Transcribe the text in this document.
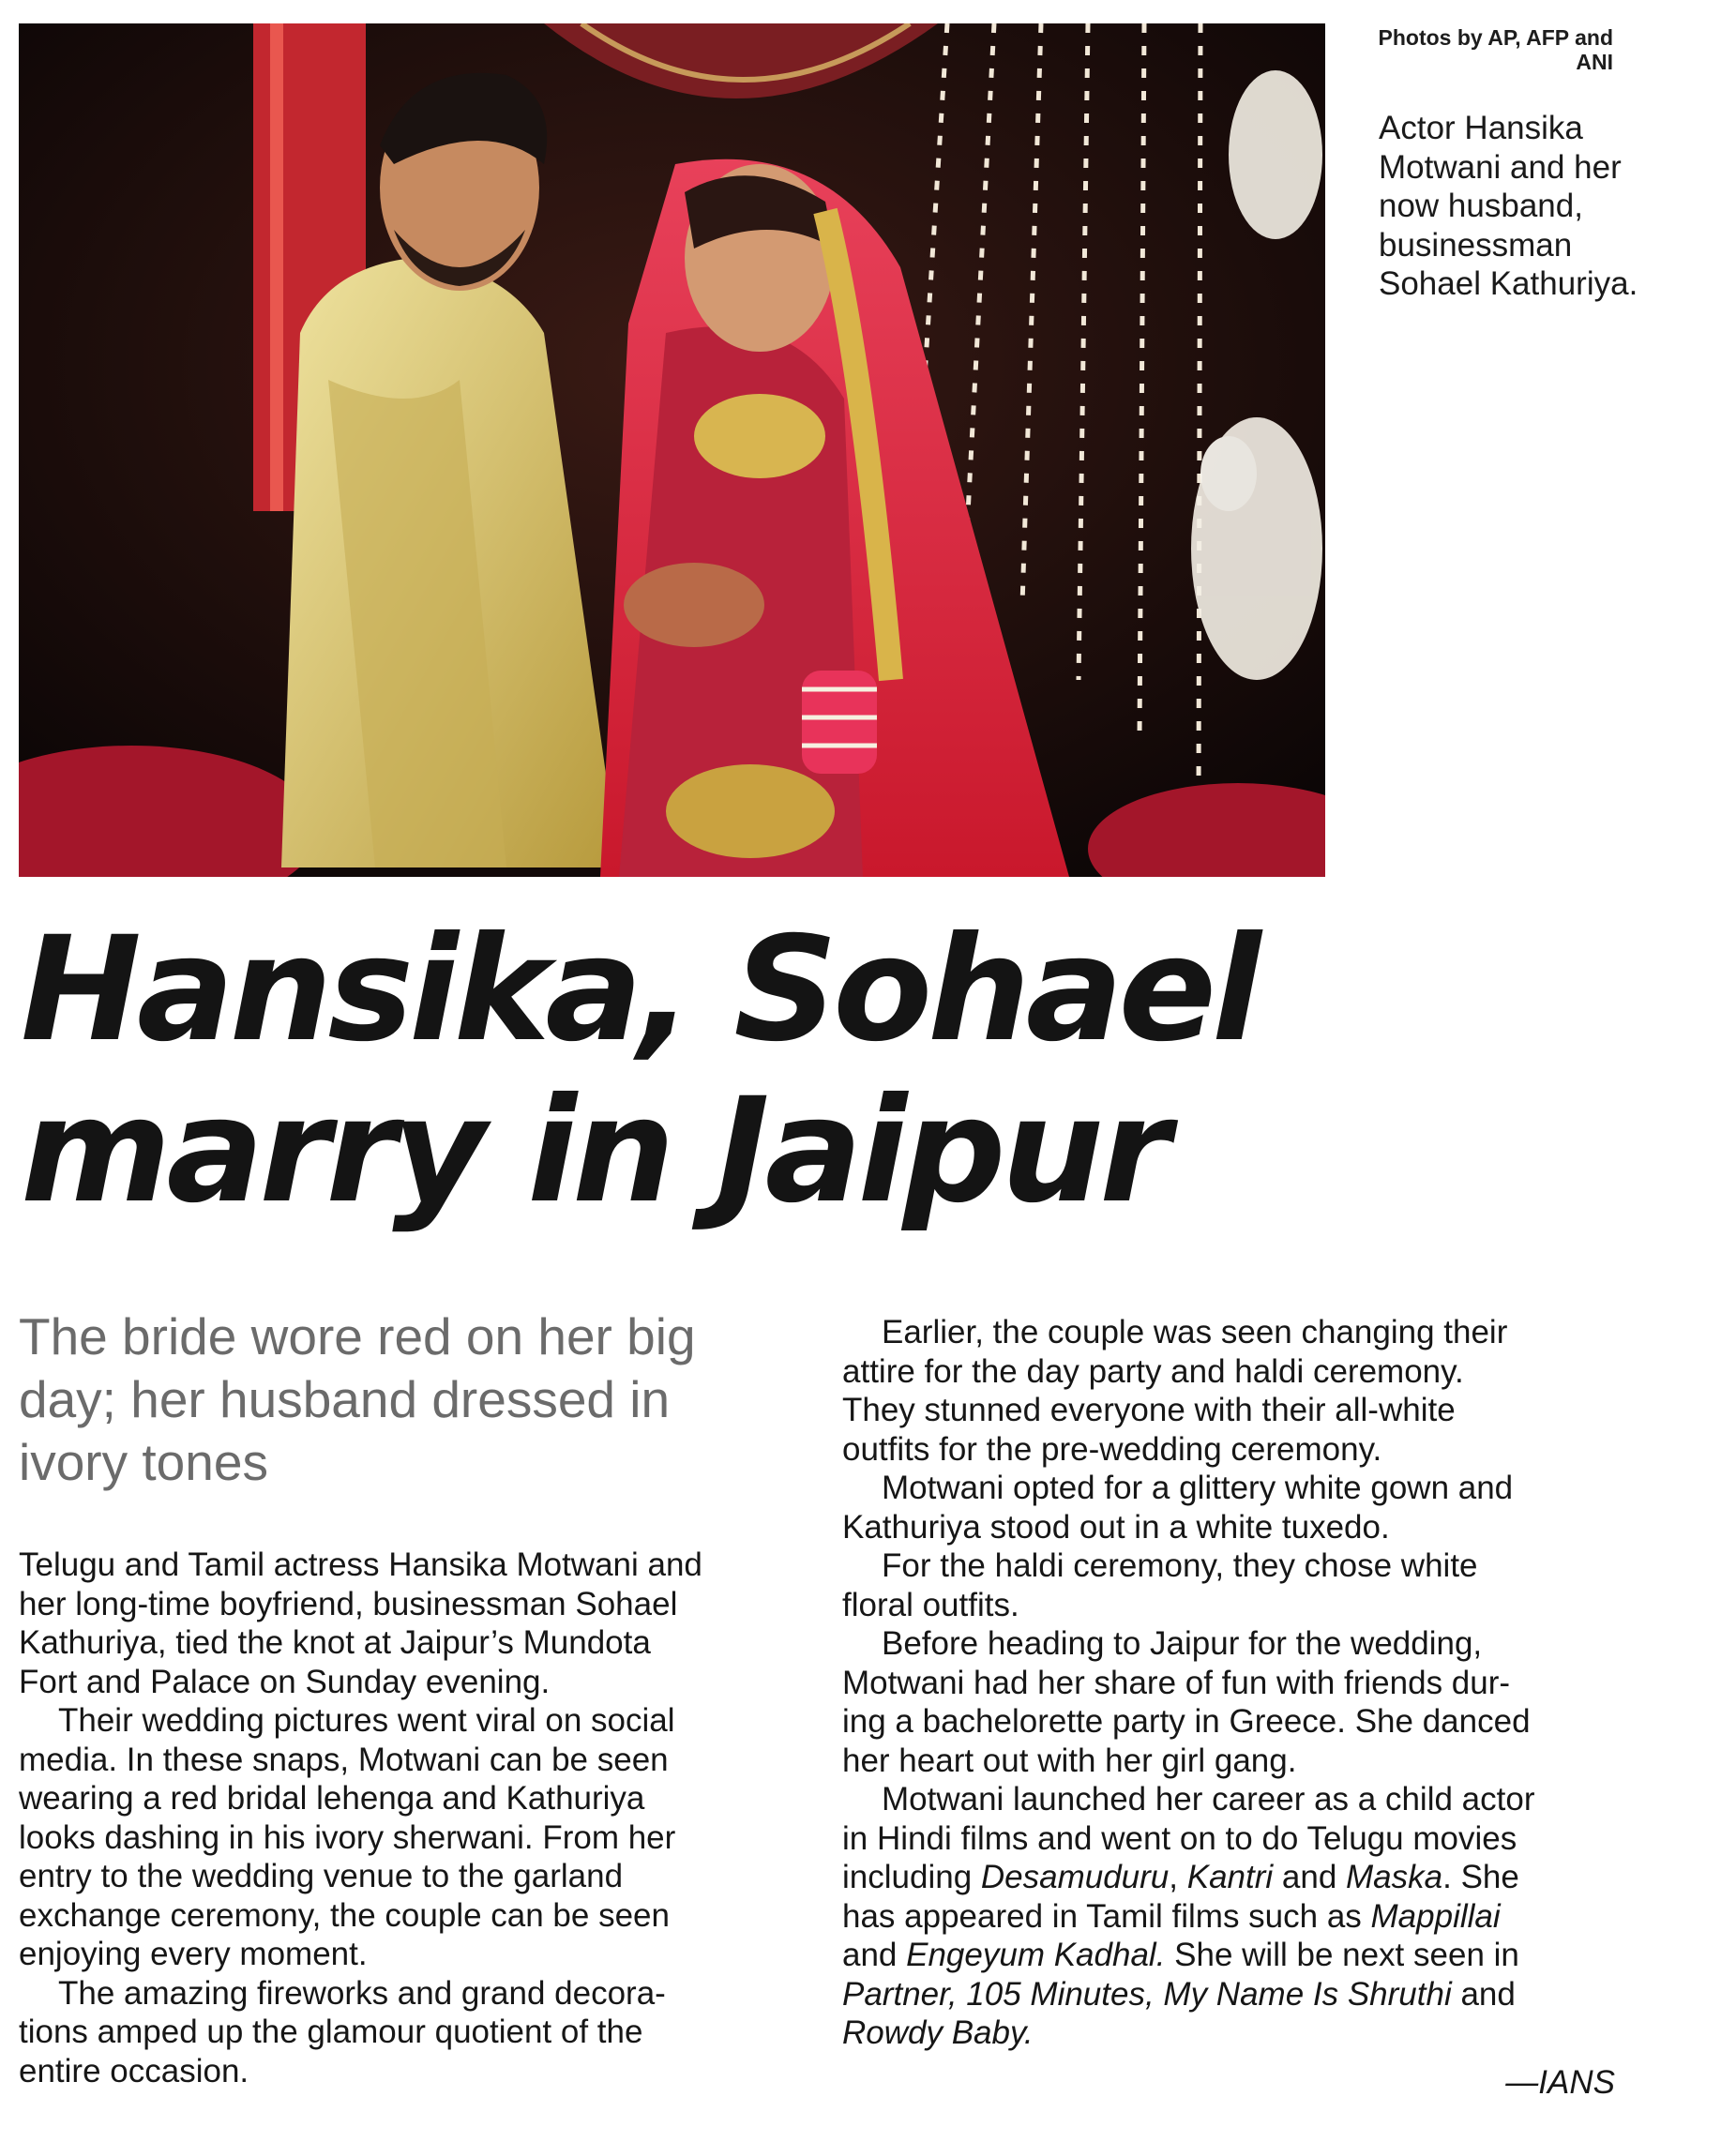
Photos by AP, AFP and ANI
Actor Hansika Motwani and her now husband, businessman Sohael Kathuriya.
Hansika, Sohael
marry in Jaipur
The bride wore red on her big day; her husband dressed in ivory tones

Telugu and Tamil actress Hansika Motwani and
her long-time boyfriend, businessman Sohael
Kathuriya, tied the knot at Jaipur’s Mundota
Fort and Palace on Sunday evening.

Their wedding pictures went viral on social
media. In these snaps, Motwani can be seen
wearing a red bridal lehenga and Kathuriya
looks dashing in his ivory sherwani. From her
entry to the wedding venue to the garland
exchange ceremony, the couple can be seen
enjoying every moment.

The amazing fireworks and grand decora-
tions amped up the glamour quotient of the
entire occasion.

Earlier, the couple was seen changing their
attire for the day party and haldi ceremony.
They stunned everyone with their all-white
outfits for the pre-wedding ceremony.

Motwani opted for a glittery white gown and
Kathuriya stood out in a white tuxedo.

For the haldi ceremony, they chose white
floral outfits.

Before heading to Jaipur for the wedding,
Motwani had her share of fun with friends dur-
ing a bachelorette party in Greece. She danced
her heart out with her girl gang.

Motwani launched her career as a child actor
in Hindi films and went on to do Telugu movies
including Desamuduru, Kantri and Maska. She
has appeared in Tamil films such as Mappillai
and Engeyum Kadhal. She will be next seen in
Partner, 105 Minutes, My Name Is Shruthi and
Rowdy Baby.

—IANS
